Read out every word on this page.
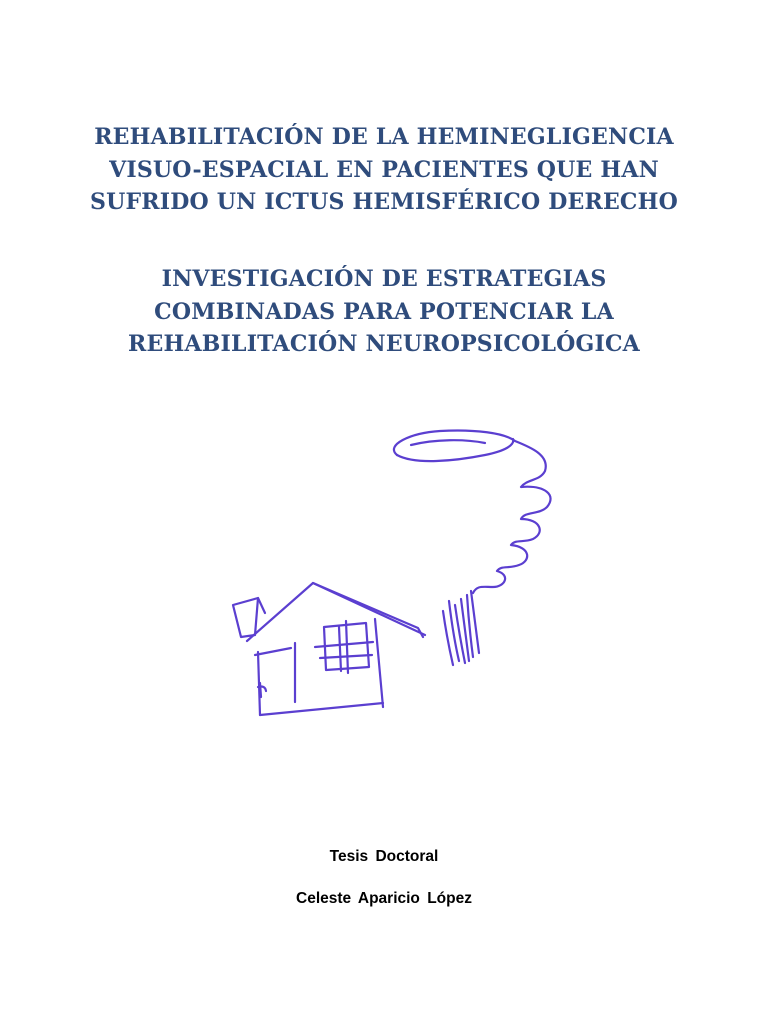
REHABILITACIÓN DE LA HEMINEGLIGENCIA
VISUO-ESPACIAL EN PACIENTES QUE HAN
SUFRIDO UN ICTUS HEMISFÉRICO DERECHO
INVESTIGACIÓN DE ESTRATEGIAS
COMBINADAS PARA POTENCIAR LA
REHABILITACIÓN NEUROPSICOLÓGICA
Tesis Doctoral
Celeste Aparicio López
